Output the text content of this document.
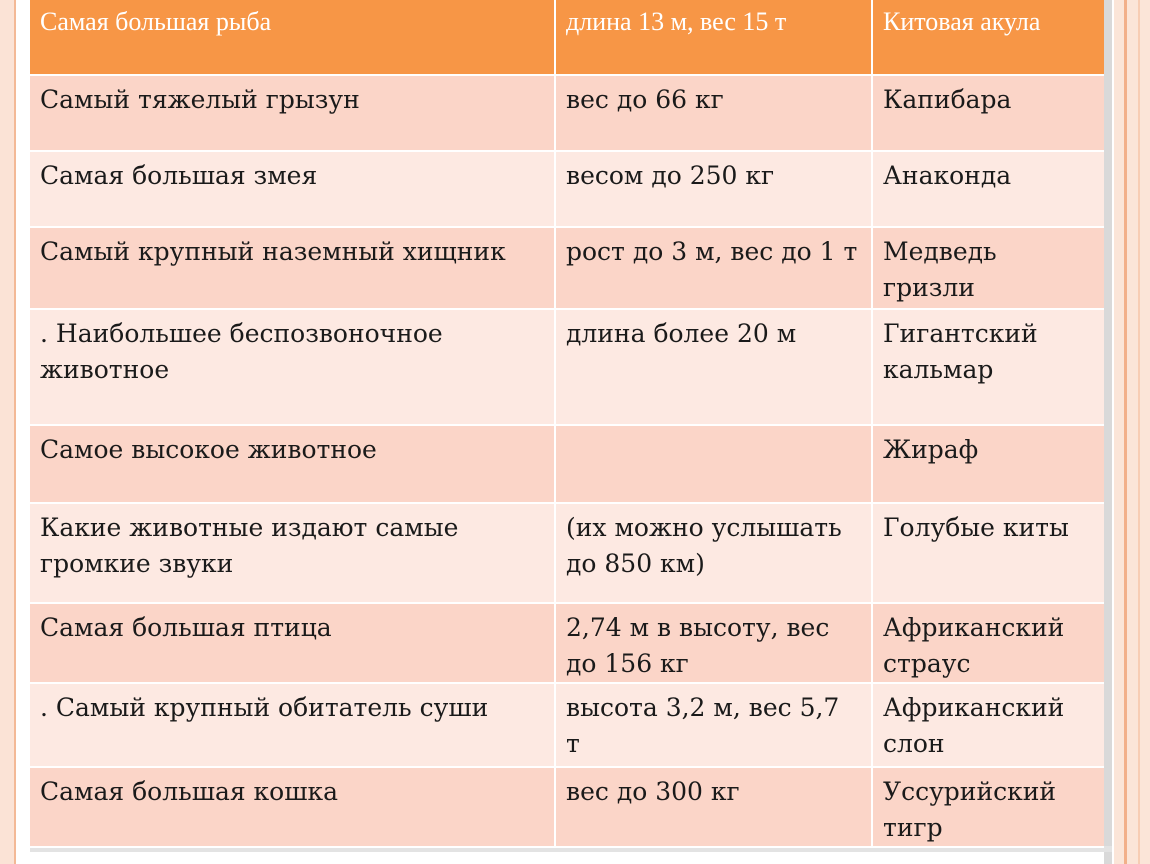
Самая большая рыба	длина 13 м, вес 15 т	Китовая акула
Самый тяжелый грызун	вес до 66 кг	Капибара
Самая большая змея	весом до 250 кг	Анаконда
Самый крупный наземный хищник	рост до 3 м, вес до 1 т	Медведь гризли
. Наибольшее беспозвоночное животное	длина более 20 м	Гигантский кальмар
Самое высокое животное		Жираф
Какие животные издают самые громкие звуки	(их можно услышать до 850 км)	Голубые киты
Самая большая птица	2,74 м в высоту, вес до 156 кг	Африканский страус
. Самый крупный обитатель суши	высота 3,2 м, вес 5,7 т	Африканский слон
Самая большая кошка	вес до 300 кг	Уссурийский тигр
